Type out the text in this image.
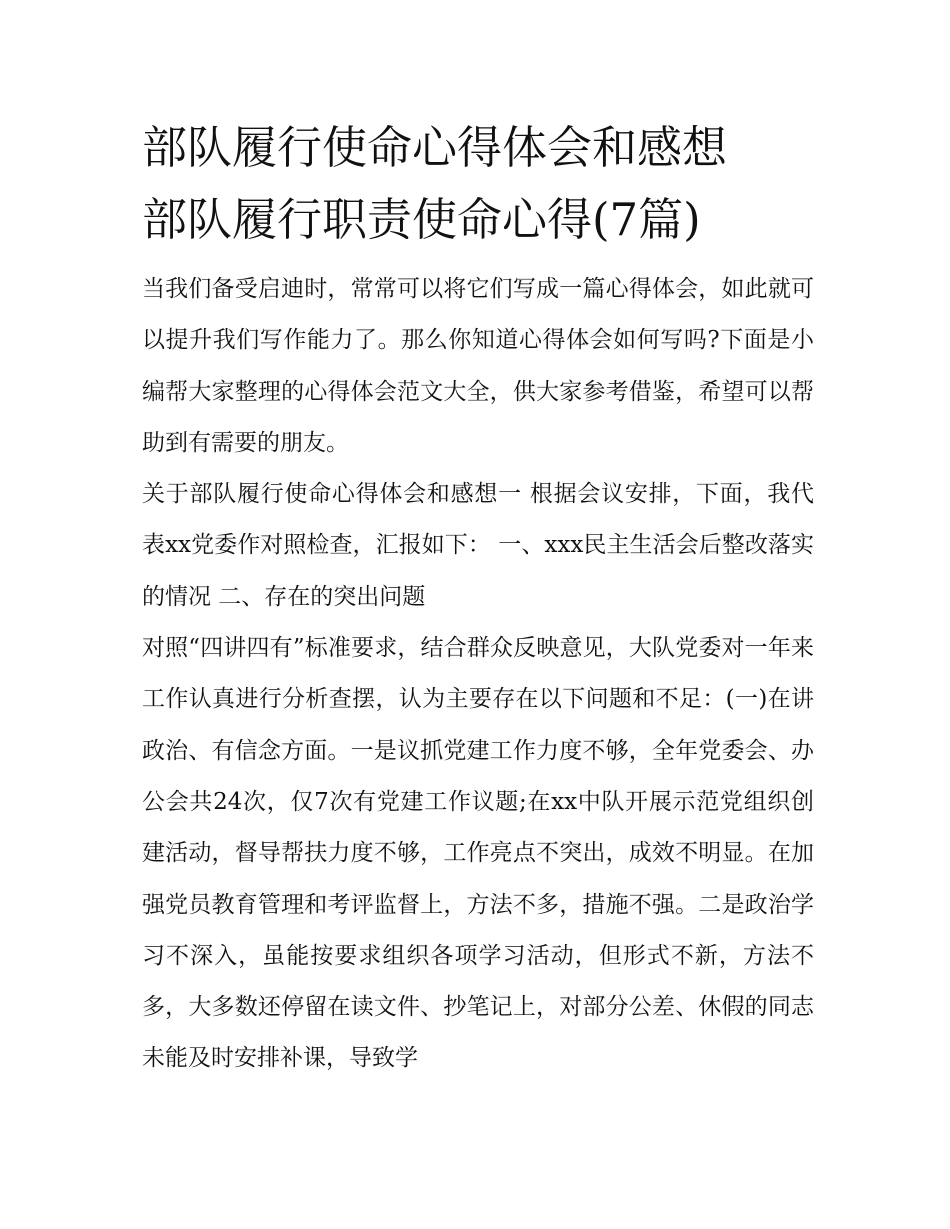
部队履行使命心得体会和感想
部队履行职责使命心得(7篇)

当我们备受启迪时，常常可以将它们写成一篇心得体会，如此就可以提升我们写作能力了。那么你知道心得体会如何写吗?下面是小编帮大家整理的心得体会范文大全，供大家参考借鉴，希望可以帮助到有需要的朋友。

关于部队履行使命心得体会和感想一 根据会议安排，下面，我代表xx党委作对照检查，汇报如下： 一、xxx民主生活会后整改落实的情况 二、存在的突出问题

对照“四讲四有”标准要求，结合群众反映意见，大队党委对一年来工作认真进行分析查摆，认为主要存在以下问题和不足：(一)在讲政治、有信念方面。一是议抓党建工作力度不够，全年党委会、办公会共24次，仅7次有党建工作议题;在xx中队开展示范党组织创建活动，督导帮扶力度不够，工作亮点不突出，成效不明显。在加强党员教育管理和考评监督上，方法不多，措施不强。二是政治学习不深入，虽能按要求组织各项学习活动，但形式不新，方法不多，大多数还停留在读文件、抄笔记上，对部分公差、休假的同志未能及时安排补课，导致学
